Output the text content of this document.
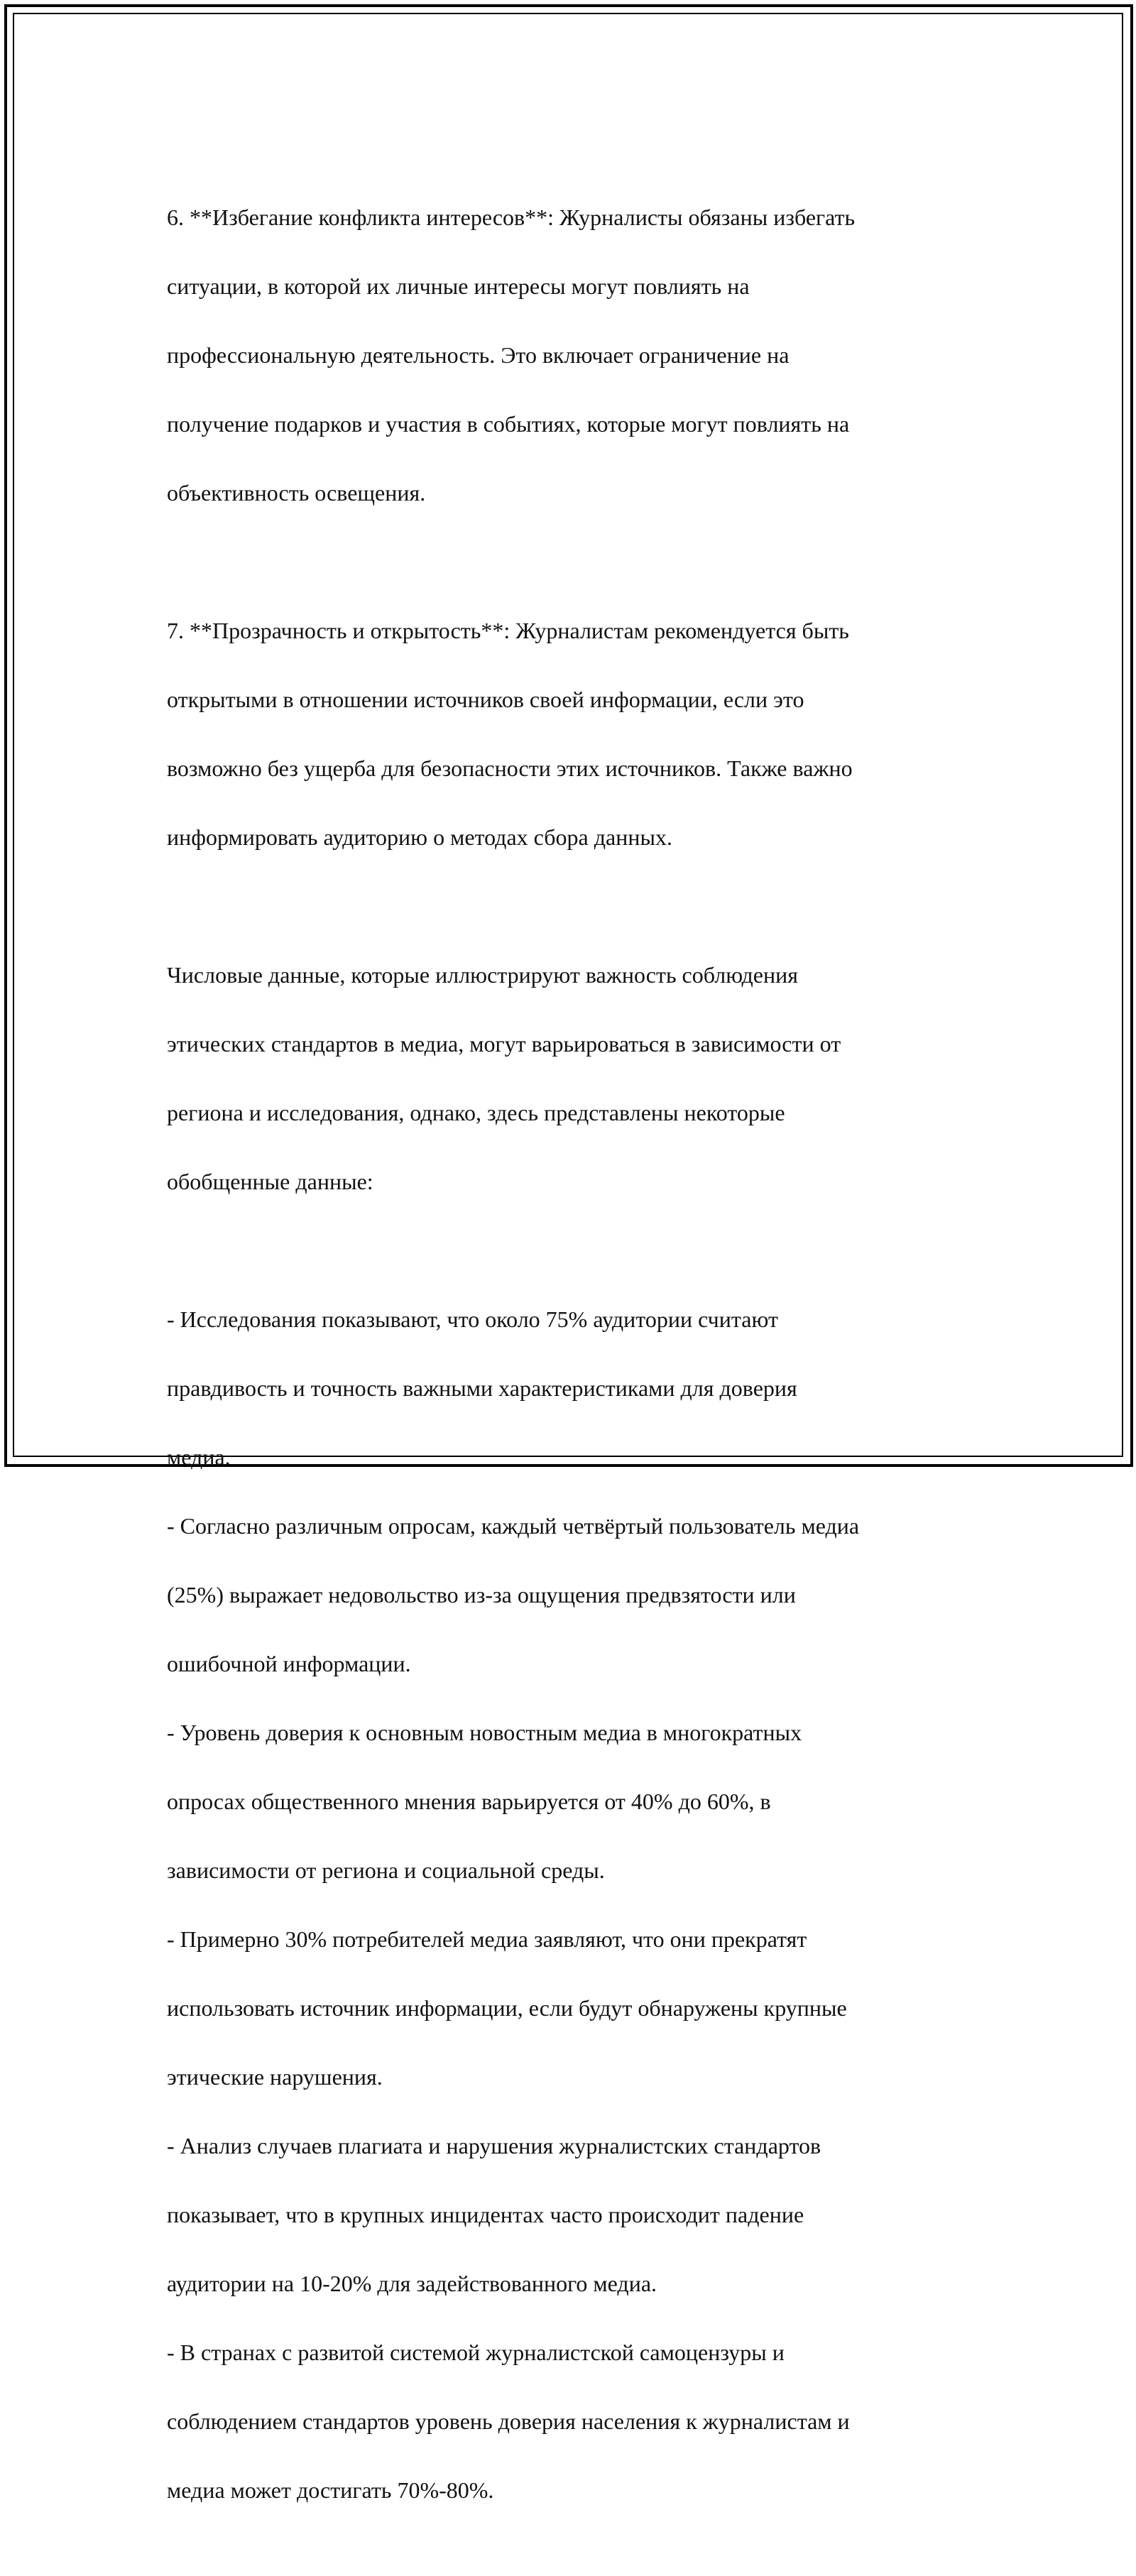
6. **Избегание конфликта интересов**: Журналисты обязаны избегать

ситуации, в которой их личные интересы могут повлиять на

профессиональную деятельность. Это включает ограничение на

получение подарков и участия в событиях, которые могут повлиять на

объективность освещения.

7. **Прозрачность и открытость**: Журналистам рекомендуется быть

открытыми в отношении источников своей информации, если это

возможно без ущерба для безопасности этих источников. Также важно

информировать аудиторию о методах сбора данных.

Числовые данные, которые иллюстрируют важность соблюдения

этических стандартов в медиа, могут варьироваться в зависимости от

региона и исследования, однако, здесь представлены некоторые

обобщенные данные:

- Исследования показывают, что около 75% аудитории считают

правдивость и точность важными характеристиками для доверия

медиа.

- Согласно различным опросам, каждый четвёртый пользователь медиа

(25%) выражает недовольство из-за ощущения предвзятости или

ошибочной информации.

- Уровень доверия к основным новостным медиа в многократных

опросах общественного мнения варьируется от 40% до 60%, в

зависимости от региона и социальной среды.

- Примерно 30% потребителей медиа заявляют, что они прекратят

использовать источник информации, если будут обнаружены крупные

этические нарушения.

- Анализ случаев плагиата и нарушения журналистских стандартов

показывает, что в крупных инцидентах часто происходит падение

аудитории на 10-20% для задействованного медиа.

- В странах с развитой системой журналистской самоцензуры и

соблюдением стандартов уровень доверия населения к журналистам и

медиа может достигать 70%-80%.
